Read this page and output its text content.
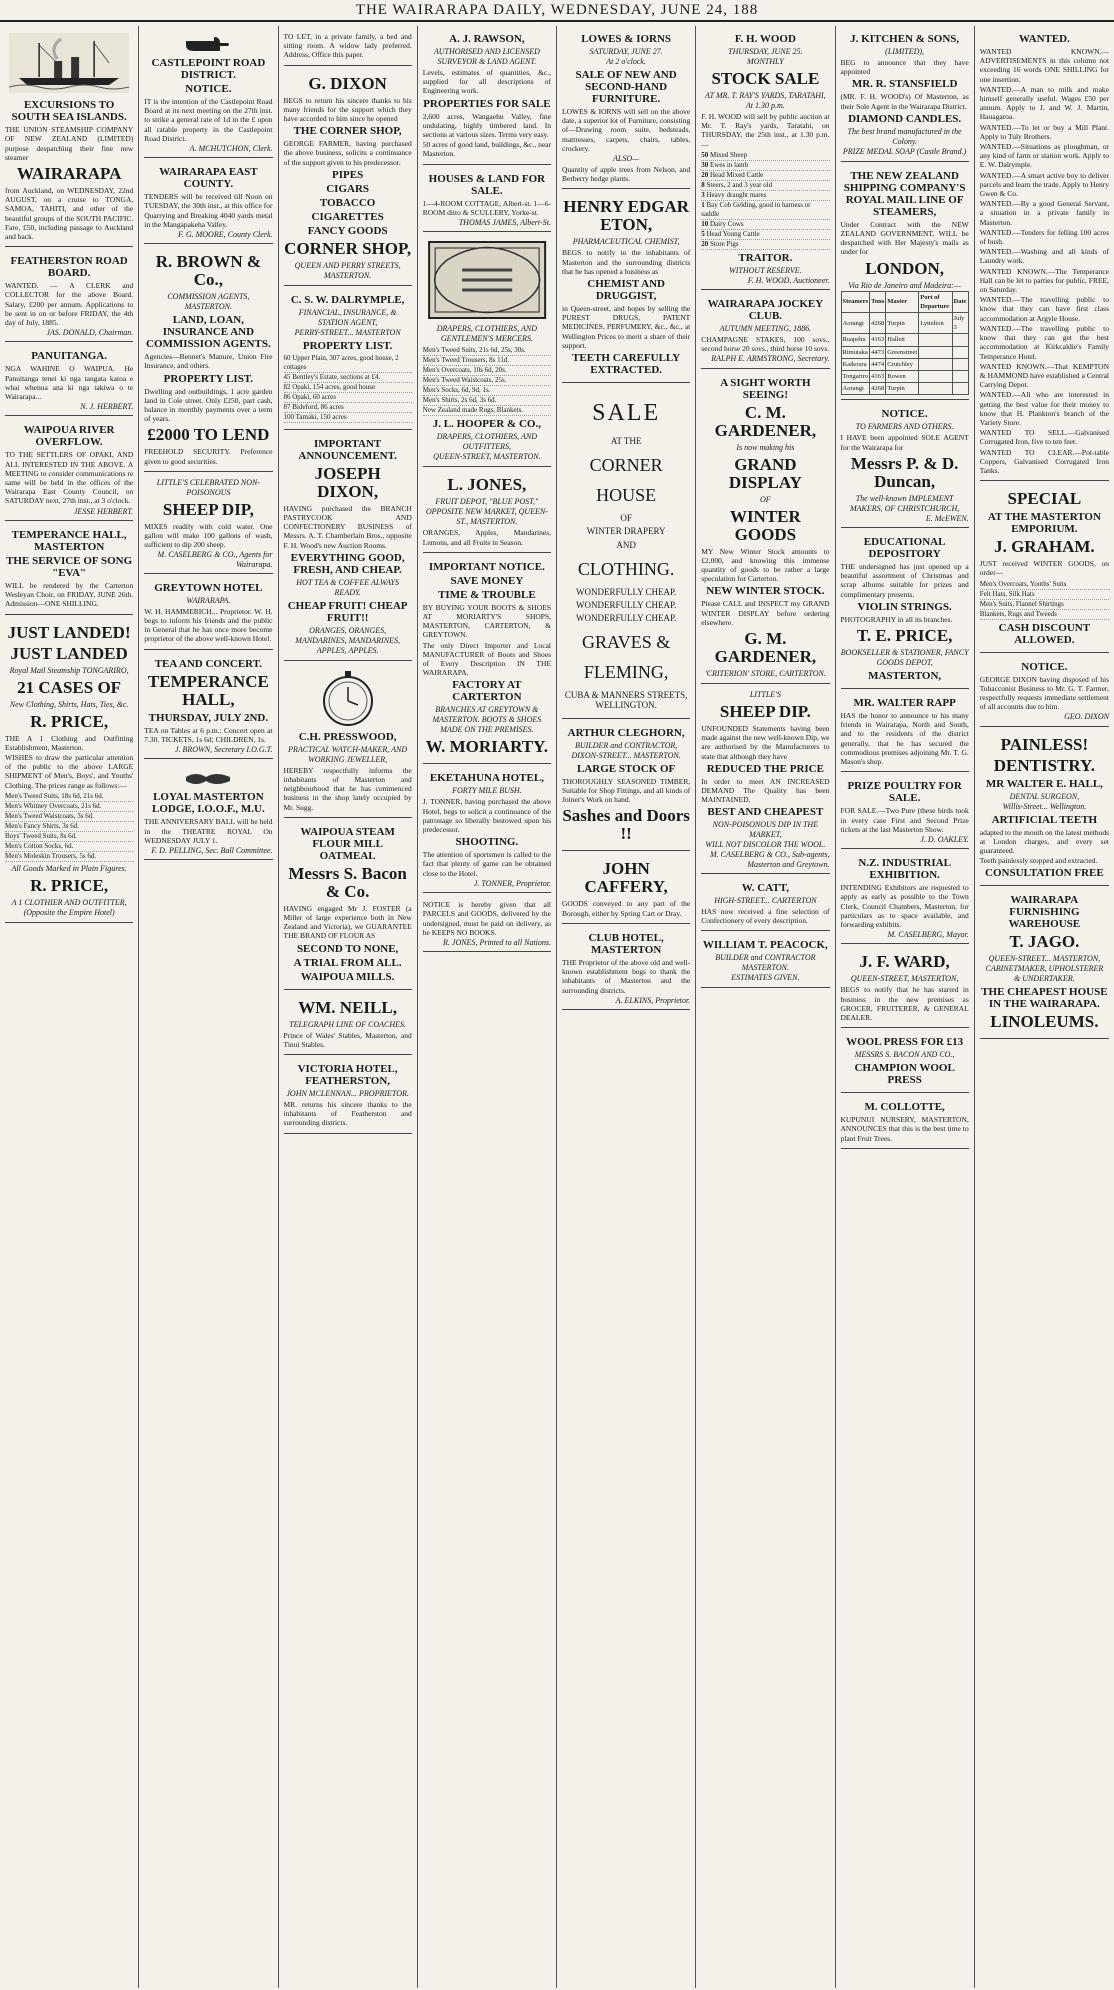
THE WAIRARAPA DAILY, WEDNESDAY, JUNE 24, 188
EXCURSIONS TO SOUTH SEA ISLANDS.

THE UNION STEAMSHIP COMPANY OF NEW ZEALAND (LIMITED) purpose despatching their fine new steamer

WAIRARAPA

from Auckland, on WEDNESDAY, 22nd AUGUST, on a cruise to TONGA, SAMOA, TAHITI, and other of the beautiful groups of the SOUTH PACIFIC. Fare, £50, including passage to Auckland and back.

FEATHERSTON ROAD BOARD.

WANTED. — A CLERK and COLLECTOR for the above Board. Salary, £200 per annum. Applications to be sent in on or before FRIDAY, the 4th day of July, 1885.

JAS. DONALD, Chairman.
PANUITANGA.

NGA WAHINE O WAIPUA. He Panuitanga tenei ki nga tangata katoa e whai whenua ana ki nga takiwa o te Wairarapa...

N. J. HERBERT.
WAIPOUA RIVER OVERFLOW.

TO THE SETTLERS OF OPAKI, AND ALL INTERESTED IN THE ABOVE. A MEETING to consider communications re same will be held in the offices of the Wairarapa East County Council, on SATURDAY next, 27th inst., at 3 o'clock.

JESSE HERBERT.
TEMPERANCE HALL, MASTERTON
THE SERVICE OF SONG "EVA"

WILL be rendered by the Carterton Wesleyan Choir, on FRIDAY, JUNE 26th. Admission—ONE SHILLING.

JUST LANDED!
JUST LANDED
Royal Mail Steamship TONGARIRO,
21 CASES OF
New Clothing, Shirts, Hats, Ties, &c.
R. PRICE,

THE A 1 Clothing and Outfitting Establishment, Masterton.

WISHES to draw the particular attention of the public to the above LARGE SHIPMENT of Men's, Boys', and Youths' Clothing. The prices range as follows:—

Men's Tweed Suits, 18s 6d, 21s 6d.
Men's Whitney Overcoats, 21s 6d.
Men's Tweed Waistcoats, 3s 6d.
Men's Fancy Shirts, 3s 6d.
Boys' Tweed Suits, 8s 6d.
Men's Cotton Socks, 6d.
Men's Moleskin Trousers, 5s 6d.
All Goods Marked in Plain Figures.
R. PRICE,
A 1 CLOTHIER AND OUTFITTER, (Opposite the Empire Hotel)
CASTLEPOINT ROAD DISTRICT.
NOTICE.

IT is the intention of the Castlepoint Road Board at its next meeting on the 27th inst. to strike a general rate of 1d in the £ upon all ratable property in the Castlepoint Road District.

A. MCHUTCHON, Clerk.
WAIRARAPA EAST COUNTY.

TENDERS will be received till Noon on TUESDAY, the 30th inst., at this office for Quarrying and Breaking 4040 yards metal in the Mangapakeha Valley.

F. G. MOORE, County Clerk.
R. BROWN & Co.,
COMMISSION AGENTS, MASTERTON.
LAND, LOAN, INSURANCE AND COMMISSION AGENTS.

Agencies—Bennet's Manure, Union Fire Insurance, and others.

PROPERTY LIST.

Dwelling and outbuildings, 1 acre garden land in Cole street. Only £250, part cash, balance in monthly payments over a term of years.

£2000 TO LEND

FREEHOLD SECURITY. Preference given to good securities.

LITTLE'S CELEBRATED NON-POISONOUS
SHEEP DIP,

MIXES readily with cold water. One gallon will make 100 gallons of wash, sufficient to dip 200 sheep.

M. CASELBERG & CO., Agents for Wairarapa.
GREYTOWN HOTEL
WAIRARAPA.

W. H. HAMMERICH... Proprietor. W. H. begs to inform his friends and the public in General that he has once more become proprietor of the above well-known Hotel.

TEA AND CONCERT.
TEMPERANCE HALL,
THURSDAY, JULY 2ND.

TEA on Tables at 6 p.m.; Concert open at 7.30. TICKETS, 1s 6d; CHILDREN, 1s.

J. BROWN, Secretary I.O.G.T.
LOYAL MASTERTON LODGE, I.O.O.F., M.U.

THE ANNIVERSARY BALL will be held in the THEATRE ROYAL On WEDNESDAY JULY 1.

F. D. PELLING, Sec. Ball Committee.

TO LET, in a private family, a bed and sitting room. A widow lady preferred. Address, Office this paper.

G. DIXON

BEGS to return his sincere thanks to his many friends for the support which they have accorded to him since he opened

THE CORNER SHOP,

GEORGE FARMER, having purchased the above business, solicits a continuance of the support given to his predecessor.

PIPES
CIGARS
TOBACCO
CIGARETTES
FANCY GOODS
CORNER SHOP,
QUEEN AND PERRY STREETS, MASTERTON.
C. S. W. DALRYMPLE,
FINANCIAL, INSURANCE, & STATION AGENT,
PERRY-STREET... MASTERTON
PROPERTY LIST.
60 Upper Plain, 307 acres, good house, 2 cottages
45 Bentley's Estate, sections at £4.
82 Opaki, 154 acres, good house
86 Opaki, 60 acres
87 Bideford, 86 acres
100 Tamaki, 150 acres
IMPORTANT ANNOUNCEMENT.
JOSEPH DIXON,

HAVING purchased the BRANCH PASTRYCOOK AND CONFECTIONERY BUSINESS of Messrs. A. T. Chamberlain Bros., opposite F. H. Wood's new Auction Rooms.

EVERYTHING GOOD, FRESH, AND CHEAP.
HOT TEA & COFFEE ALWAYS READY.
CHEAP FRUIT! CHEAP FRUIT!!
ORANGES, ORANGES, MANDARINES, MANDARINES, APPLES, APPLES.
C.H. PRESSWOOD,
PRACTICAL WATCH-MAKER, AND WORKING JEWELLER,

HEREBY respectfully informs the inhabitants of Masterton and neighbourhood that he has commenced business in the shop lately occupied by Mr. Sugg.

WAIPOUA STEAM FLOUR MILL OATMEAL
Messrs S. Bacon & Co.

HAVING engaged Mr J. FOSTER (a Miller of large experience both in New Zealand and Victoria), we GUARANTEE THE BRAND OF FLOUR AS

SECOND TO NONE,
A TRIAL FROM ALL.
WAIPOUA MILLS.
WM. NEILL,
TELEGRAPH LINE OF COACHES.

Prince of Wales' Stables, Masterton, and Tinui Stables.

VICTORIA HOTEL, FEATHERSTON,
JOHN MCLENNAN... PROPRIETOR.

MR. returns his sincere thanks to the inhabitants of Featherston and surrounding districts.

A. J. RAWSON,
AUTHORISED AND LICENSED SURVEYOR & LAND AGENT.

Levels, estimates of quantities, &c., supplied for all descriptions of Engineering work.

PROPERTIES FOR SALE

2,600 acres, Wangaehu Valley, fine undulating, highly timbered land. In sections at various sizes. Terms very easy.

50 acres of good land, buildings, &c., near Masterton.

HOUSES & LAND FOR SALE.

1—4-ROOM COTTAGE, Albert-st. 1—6-ROOM ditto & SCULLERY, Yorke-st.

THOMAS JAMES, Albert-St.
DRAPERS, CLOTHIERS, AND GENTLEMEN'S MERCERS.
Men's Tweed Suits, 21s 6d, 25s, 30s.
Men's Tweed Trousers, 8s 11d.
Men's Overcoats, 10s 6d, 20s.
Men's Tweed Waistcoats, 25s.
Men's Socks, 6d, 9d, 1s.
Men's Shirts, 2s 6d, 3s 6d.
New Zealand made Rugs, Blankets.
J. L. HOOPER & CO.,
DRAPERS, CLOTHIERS, AND OUTFITTERS,
QUEEN-STREET, MASTERTON.
L. JONES,
FRUIT DEPOT, "BLUE POST,"
OPPOSITE NEW MARKET, QUEEN-ST., MASTERTON.

ORANGES, Apples, Mandarines, Lemons, and all Fruits in Season.

IMPORTANT NOTICE.
SAVE MONEY
TIME & TROUBLE

BY BUYING YOUR BOOTS & SHOES AT MORIARTY'S SHOPS, MASTERTON, CARTERTON, & GREYTOWN.

The only Direct Importer and Local MANUFACTURER of Boots and Shoes of Every Description IN THE WAIRARAPA.

FACTORY AT CARTERTON
BRANCHES AT GREYTOWN & MASTERTON. BOOTS & SHOES MADE ON THE PREMISES.
W. MORIARTY.
EKETAHUNA HOTEL,
FORTY MILE BUSH.

J. TONNER, having purchased the above Hotel, begs to solicit a continuance of the patronage so liberally bestowed upon his predecessor.

SHOOTING.

The attention of sportsmen is called to the fact that plenty of game can be obtained close to the Hotel.

J. TONNER, Proprietor.

NOTICE is hereby given that all PARCELS and GOODS, delivered by the undersigned, must be paid on delivery, as he KEEPS NO BOOKS.

R. JONES, Printed to all Nations.
LOWES & IORNS
SATURDAY, JUNE 27.
At 2 o'clock.
SALE OF NEW AND SECOND-HAND FURNITURE.

LOWES & IORNS will sell on the above date, a superior lot of Furniture, consisting of—Drawing room suite, bedsteads, mattresses, carpets, chairs, tables, crockery.

ALSO—

Quantity of apple trees from Nelson, and Berberry hedge plants.

HENRY EDGAR ETON,
PHARMACEUTICAL CHEMIST,

BEGS to notify to the inhabitants of Masterton and the surrounding districts that he has opened a business as

CHEMIST AND DRUGGIST,

in Queen-street, and hopes by selling the PUREST DRUGS, PATENT MEDICINES, PERFUMERY, &c., &c., at Wellington Prices to merit a share of their support.

TEETH CAREFULLY EXTRACTED.
SALE
AT THE
CORNER
HOUSE
OF
WINTER DRAPERY
AND
CLOTHING.
WONDERFULLY CHEAP.
WONDERFULLY CHEAP.
WONDERFULLY CHEAP.
GRAVES &
FLEMING,
CUBA & MANNERS STREETS, WELLINGTON.
ARTHUR CLEGHORN,
BUILDER and CONTRACTOR,
DIXON-STREET... MASTERTON.
LARGE STOCK OF

THOROUGHLY SEASONED TIMBER, Suitable for Shop Fittings, and all kinds of Joiner's Work on hand.

Sashes and Doors !!
JOHN CAFFERY,

GOODS conveyed to any part of the Borough, either by Spring Cart or Dray.

CLUB HOTEL, MASTERTON

THE Proprietor of the above old and well-known establishment begs to thank the inhabitants of Masterton and the surrounding districts.

A. ELKINS, Proprietor.
F. H. WOOD
THURSDAY, JUNE 25.
MONTHLY
STOCK SALE
AT MR. T. RAY'S YARDS, TARATAHI,
At 1.30 p.m.

F. H. WOOD will sell by public auction at Mr. T. Ray's yards, Taratahi, on THURSDAY, the 25th inst., at 1.30 p.m.—

50 Mixed Sheep
30 Ewes in lamb
20 Head Mixed Cattle
8 Steers, 2 and 3 year old
3 Heavy draught mares
1 Bay Cob Gelding, good in harness or saddle
10 Dairy Cows
5 Head Young Cattle
20 Store Pigs
TRAITOR.
WITHOUT RESERVE.
F. H. WOOD, Auctioneer.
WAIRARAPA JOCKEY CLUB.
AUTUMN MEETING, 1886.

CHAMPAGNE STAKES, 100 sovs., second horse 20 sovs., third horse 10 sovs.

RALPH E. ARMSTRONG, Secretary.
A SIGHT WORTH SEEING!
C. M. GARDENER,
Is now making his
GRAND DISPLAY
OF
WINTER GOODS

MY New Winter Stock amounts to £2,000, and knowing this immense quantity of goods to be rather a large speculation for Carterton.

NEW WINTER STOCK.

Please CALL and INSPECT my GRAND WINTER DISPLAY before ordering elsewhere.

G. M. GARDENER,
'CRITERION' STORE, CARTERTON.
LITTLE'S
SHEEP DIP.

UNFOUNDED Statements having been made against the new well-known Dip, we are authorised by the Manufacturers to state that although they have

REDUCED THE PRICE

In order to meet AN INCREASED DEMAND The Quality has been MAINTAINED.

BEST AND CHEAPEST
NON-POISONOUS DIP IN THE MARKET,
WILL NOT DISCOLOR THE WOOL.
M. CASELBERG & CO., Sub-agents, Masterton and Greytown.
W. CATT,
HIGH-STREET... CARTERTON

HAS now received a fine selection of Confectionery of every description.

WILLIAM T. PEACOCK,
BUILDER and CONTRACTOR
MASTERTON.
ESTIMATES GIVEN.
J. KITCHEN & SONS,
(LIMITED),

BEG to announce that they have appointed

MR. R. STANSFIELD

(MR. F. H. WOOD's) Of Masterton, as their Sole Agent in the Wairarapa District.

DIAMOND CANDLES.
The best brand manufactured in the Colony.
PRIZE MEDAL SOAP (Castle Brand.)
THE NEW ZEALAND SHIPPING COMPANY'S ROYAL MAIL LINE OF STEAMERS,

Under Contract with the NEW ZEALAND GOVERNMENT, WILL be despatched with Her Majesty's mails as under for

LONDON,
Via Rio de Janeiro and Madeira:—
Steamers	Tons	Master	Port of Departure	Date
Aorangi	4268	Turpin	Lyttelton	July 3
Ruapehu	4163	Hallett		
Rimutaka	4473	Greenstreet		
Kaikoura	4474	Crutchley		
Tongariro	4163	Bowen		
Aorangi	4268	Turpin		
NOTICE.
TO FARMERS AND OTHERS.

I HAVE been appointed SOLE AGENT for the Wairarapa for

Messrs P. & D. Duncan,
The well-known IMPLEMENT MAKERS, OF CHRISTCHURCH,
E. McEWEN.
EDUCATIONAL DEPOSITORY

THE undersigned has just opened up a beautiful assortment of Christmas and scrap albums suitable for prizes and complimentary presents.

VIOLIN STRINGS.

PHOTOGRAPHY in all its branches.

T. E. PRICE,
BOOKSELLER & STATIONER, FANCY GOODS DEPOT,
MASTERTON,
MR. WALTER RAPP

HAS the honor to announce to his many friends in Wairarapa, North and South, and to the residents of the district generally, that he has secured the commodious premises adjoining Mr. T. G. Mason's shop.

PRIZE POULTRY FOR SALE.

FOR SALE.—Two Pure (these birds took in every case First and Second Prize tickets at the last Masterton Show.

J. D. OAKLEY.
N.Z. INDUSTRIAL EXHIBITION.

INTENDING Exhibitors are requested to apply as early as possible to the Town Clerk, Council Chambers, Masterton, for particulars as to space available, and forwarding exhibits.

M. CASELBERG, Mayor.
J. F. WARD,
QUEEN-STREET, MASTERTON,

BEGS to notify that he has started in business in the new premises as GROCER, FRUITERER, & GENERAL DEALER.

WOOL PRESS FOR £13
MESSRS S. BACON AND CO.,
CHAMPION WOOL PRESS
M. COLLOTTE,

KUPUNUI NURSERY, MASTERTON, ANNOUNCES that this is the best time to plant Fruit Trees.

WANTED.

WANTED KNOWN.—ADVERTISEMENTS in this column not exceeding 16 words ONE SHILLING for one insertion.

WANTED.—A man to milk and make himself generally useful. Wages £50 per annum. Apply to J. and W. J. Martin, Hauagaroa.

WANTED.—To let or buy a Mill Plant. Apply to Tuly Brothers.

WANTED.—Situations as ploughman, or any kind of farm or station work. Apply to E. W. Dalrymple.

WANTED.—A smart active boy to deliver parcels and learn the trade. Apply to Henry Gwen & Co.

WANTED.—By a good General Servant, a situation in a private family in Masterton.

WANTED.—Tenders for felling 100 acres of bush.

WANTED.—Washing and all kinds of Laundry work.

WANTED KNOWN.—The Temperance Hall can be let to parties for public, FREE, on Saturday.

WANTED.—The travelling public to know that they can have first class accommodation at Argyle House.

WANTED.—The travelling public to know that they can get the best accommodation at Kirkcaldie's Family Temperance Hotel.

WANTED KNOWN.—That KEMPTON & HAMMOND have established a Central Carrying Depot.

WANTED.—All who are interested in getting the best value for their money to know that H. Plankton's branch of the Variety Store.

WANTED TO SELL.—Galvanised Corrugated Iron, five to ten feet.

WANTED TO CLEAR.—Pot-table Coppers, Galvanised Corrugated Iron Tanks.

SPECIAL
AT THE MASTERTON EMPORIUM.
J. GRAHAM.

JUST received WINTER GOODS, on order—

Men's Overcoats, Youths' Suits
Felt Hats, Silk Hats
Men's Suits, Flannel Shirtings
Blankets, Rugs and Tweeds
CASH DISCOUNT ALLOWED.
NOTICE.

GEORGE DIXON having disposed of his Tobacconist Business to Mr. G. T. Farmer, respectfully requests immediate settlement of all accounts due to him.

GEO. DIXON
PAINLESS!
DENTISTRY.
MR WALTER E. HALL,
DENTAL SURGEON,
Willis-Street... Wellington.
ARTIFICIAL TEETH

adapted to the mouth on the latest methods at London charges, and every set guaranteed.

Teeth painlessly stopped and extracted.

CONSULTATION FREE
WAIRARAPA FURNISHING WAREHOUSE
T. JAGO.
QUEEN-STREET... MASTERTON,
CABINETMAKER, UPHOLSTERER
& UNDERTAKER.
THE CHEAPEST HOUSE IN THE WAIRARAPA.
LINOLEUMS.
